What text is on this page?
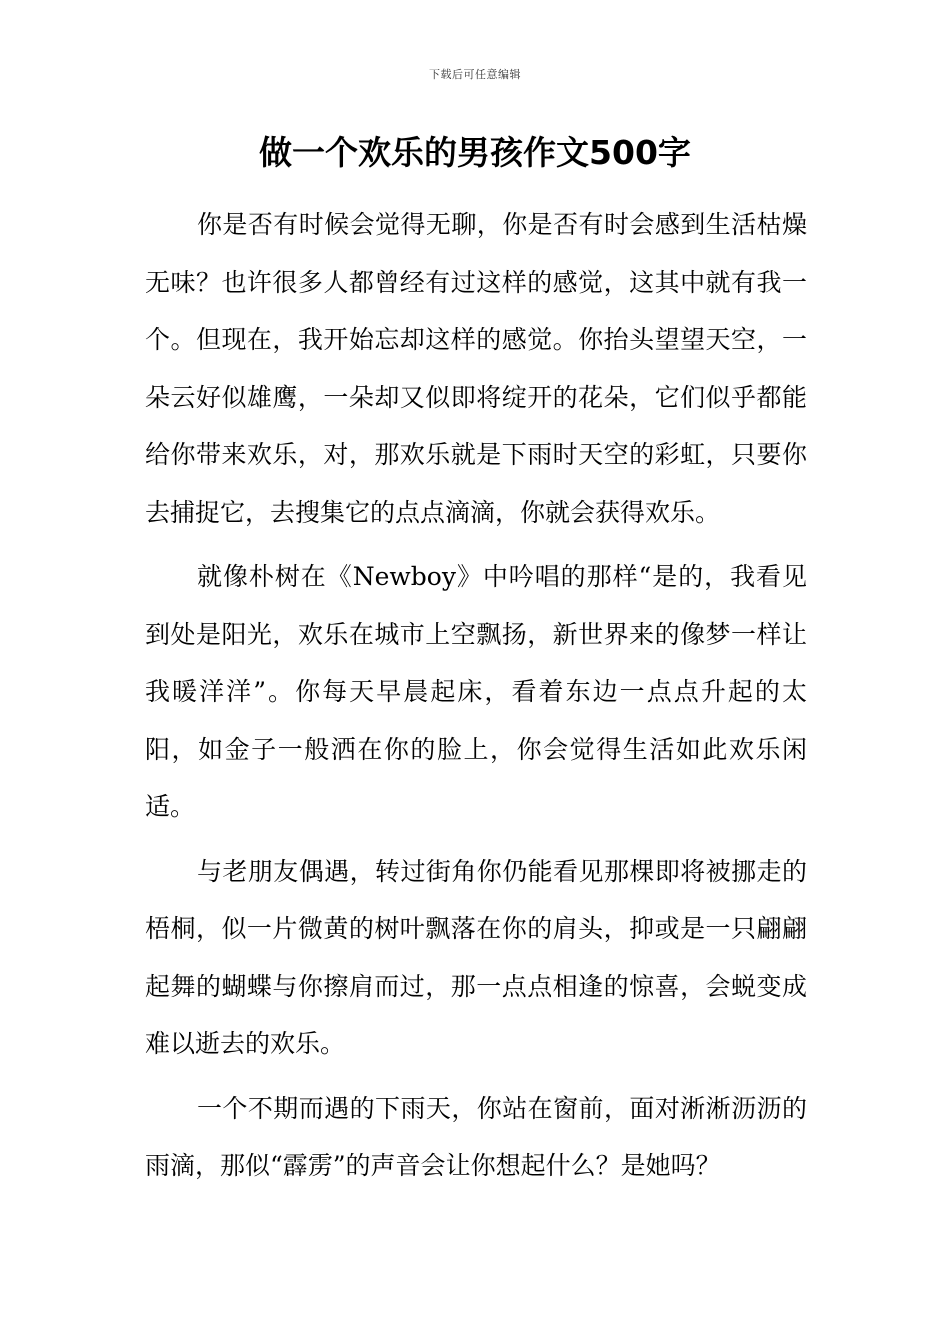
下载后可任意编辑
做一个欢乐的男孩作文500字

你是否有时候会觉得无聊，你是否有时会感到生活枯燥无味？也许很多人都曾经有过这样的感觉，这其中就有我一个。但现在，我开始忘却这样的感觉。你抬头望望天空，一朵云好似雄鹰，一朵却又似即将绽开的花朵，它们似乎都能给你带来欢乐，对，那欢乐就是下雨时天空的彩虹，只要你去捕捉它，去搜集它的点点滴滴，你就会获得欢乐。

就像朴树在《Newboy》中吟唱的那样“是的，我看见到处是阳光，欢乐在城市上空飘扬，新世界来的像梦一样让我暖洋洋”。你每天早晨起床，看着东边一点点升起的太阳，如金子一般洒在你的脸上，你会觉得生活如此欢乐闲适。

与老朋友偶遇，转过街角你仍能看见那棵即将被挪走的梧桐，似一片微黄的树叶飘落在你的肩头，抑或是一只翩翩起舞的蝴蝶与你擦肩而过，那一点点相逢的惊喜，会蜕变成难以逝去的欢乐。

一个不期而遇的下雨天，你站在窗前，面对淅淅沥沥的雨滴，那似“霹雳”的声音会让你想起什么？是她吗？
